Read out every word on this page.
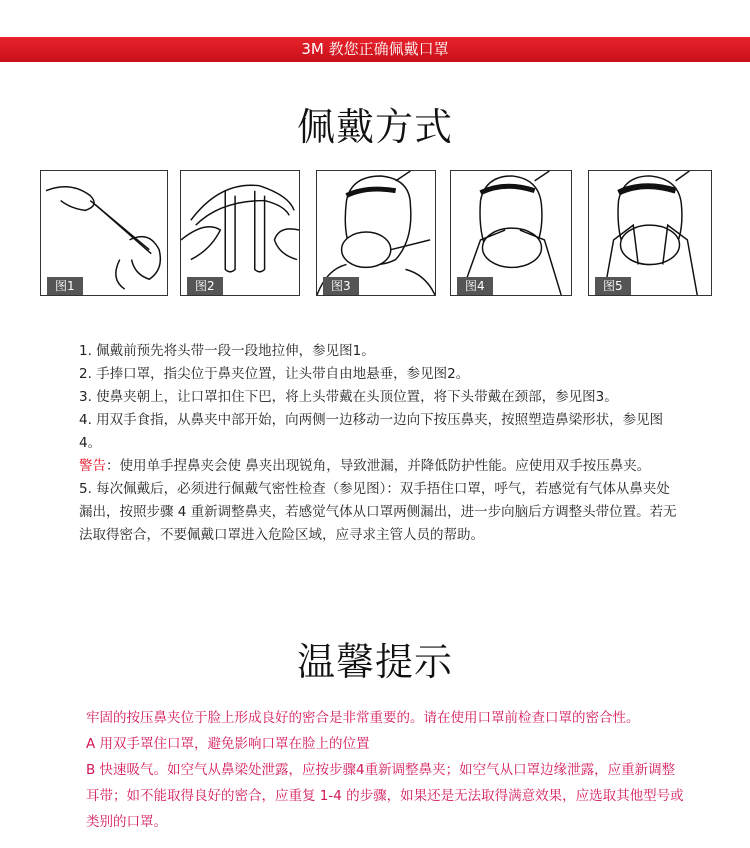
3M 教您正确佩戴口罩
佩戴方式
图1	图2	图3	图4	图5
1. 佩戴前预先将头带一段一段地拉伸，参见图1。
2. 手捧口罩，指尖位于鼻夹位置，让头带自由地悬垂，参见图2。
3. 使鼻夹朝上，让口罩扣住下巴，将上头带戴在头顶位置，将下头带戴在颈部，参见图3。
4. 用双手食指，从鼻夹中部开始，向两侧一边移动一边向下按压鼻夹，按照塑造鼻梁形状，参见图4。
警告：使用单手捏鼻夹会使 鼻夹出现锐角，导致泄漏，并降低防护性能。应使用双手按压鼻夹。
5. 每次佩戴后，必须进行佩戴气密性检查（参见图）：双手捂住口罩，呼气，若感觉有气体从鼻夹处漏出，按照步骤 4 重新调整鼻夹，若感觉气体从口罩两侧漏出，进一步向脑后方调整头带位置。若无法取得密合，不要佩戴口罩进入危险区域，应寻求主管人员的帮助。
温馨提示
牢固的按压鼻夹位于脸上形成良好的密合是非常重要的。请在使用口罩前检查口罩的密合性。
A 用双手罩住口罩，避免影响口罩在脸上的位置
B 快速吸气。如空气从鼻梁处泄露，应按步骤4重新调整鼻夹；如空气从口罩边缘泄露，应重新调整耳带；如不能取得良好的密合，应重复 1-4 的步骤，如果还是无法取得满意效果，应选取其他型号或类别的口罩。
